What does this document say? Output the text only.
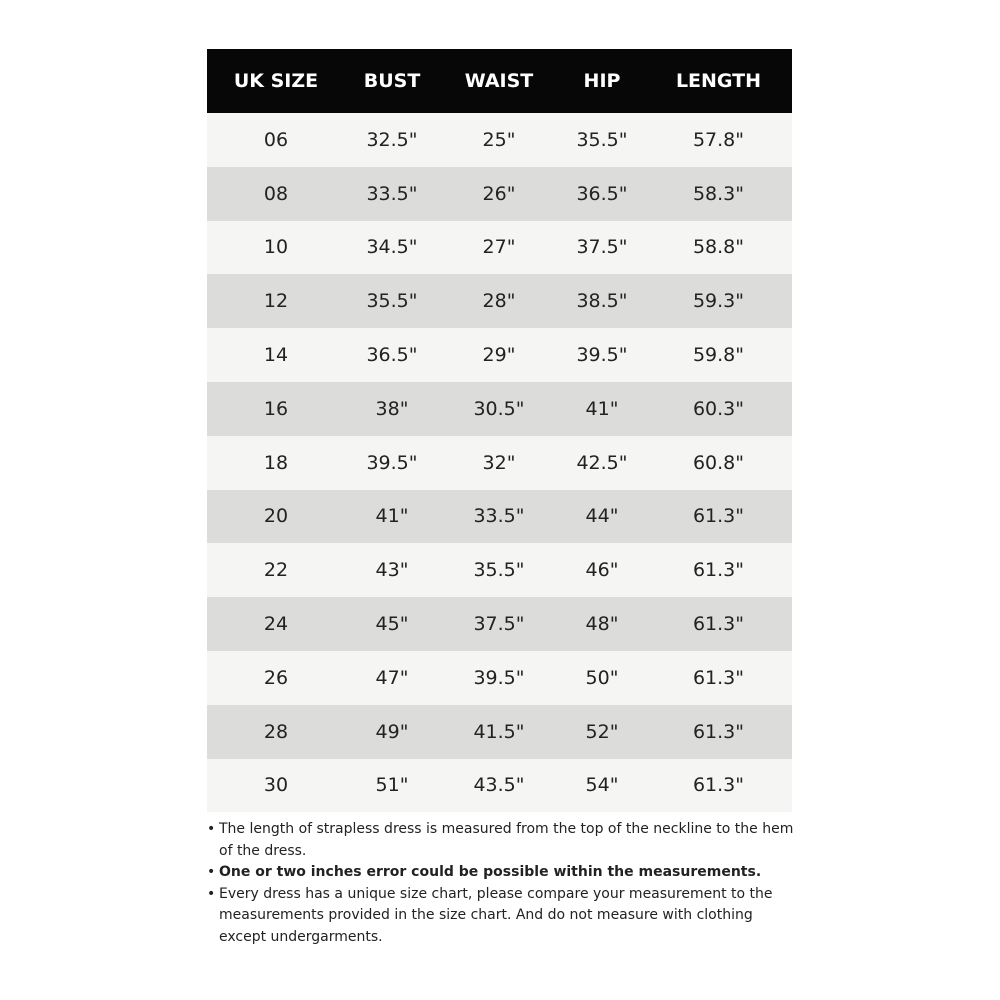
UK SIZE	BUST	WAIST	HIP	LENGTH
06	32.5"	25"	35.5"	57.8"
08	33.5"	26"	36.5"	58.3"
10	34.5"	27"	37.5"	58.8"
12	35.5"	28"	38.5"	59.3"
14	36.5"	29"	39.5"	59.8"
16	38"	30.5"	41"	60.3"
18	39.5"	32"	42.5"	60.8"
20	41"	33.5"	44"	61.3"
22	43"	35.5"	46"	61.3"
24	45"	37.5"	48"	61.3"
26	47"	39.5"	50"	61.3"
28	49"	41.5"	52"	61.3"
30	51"	43.5"	54"	61.3"
• The length of strapless dress is measured from the top of the neckline to the hem of the dress.
• One or two inches error could be possible within the measurements.
• Every dress has a unique size chart, please compare your measurement to the measurements provided in the size chart. And do not measure with clothing except undergarments.
